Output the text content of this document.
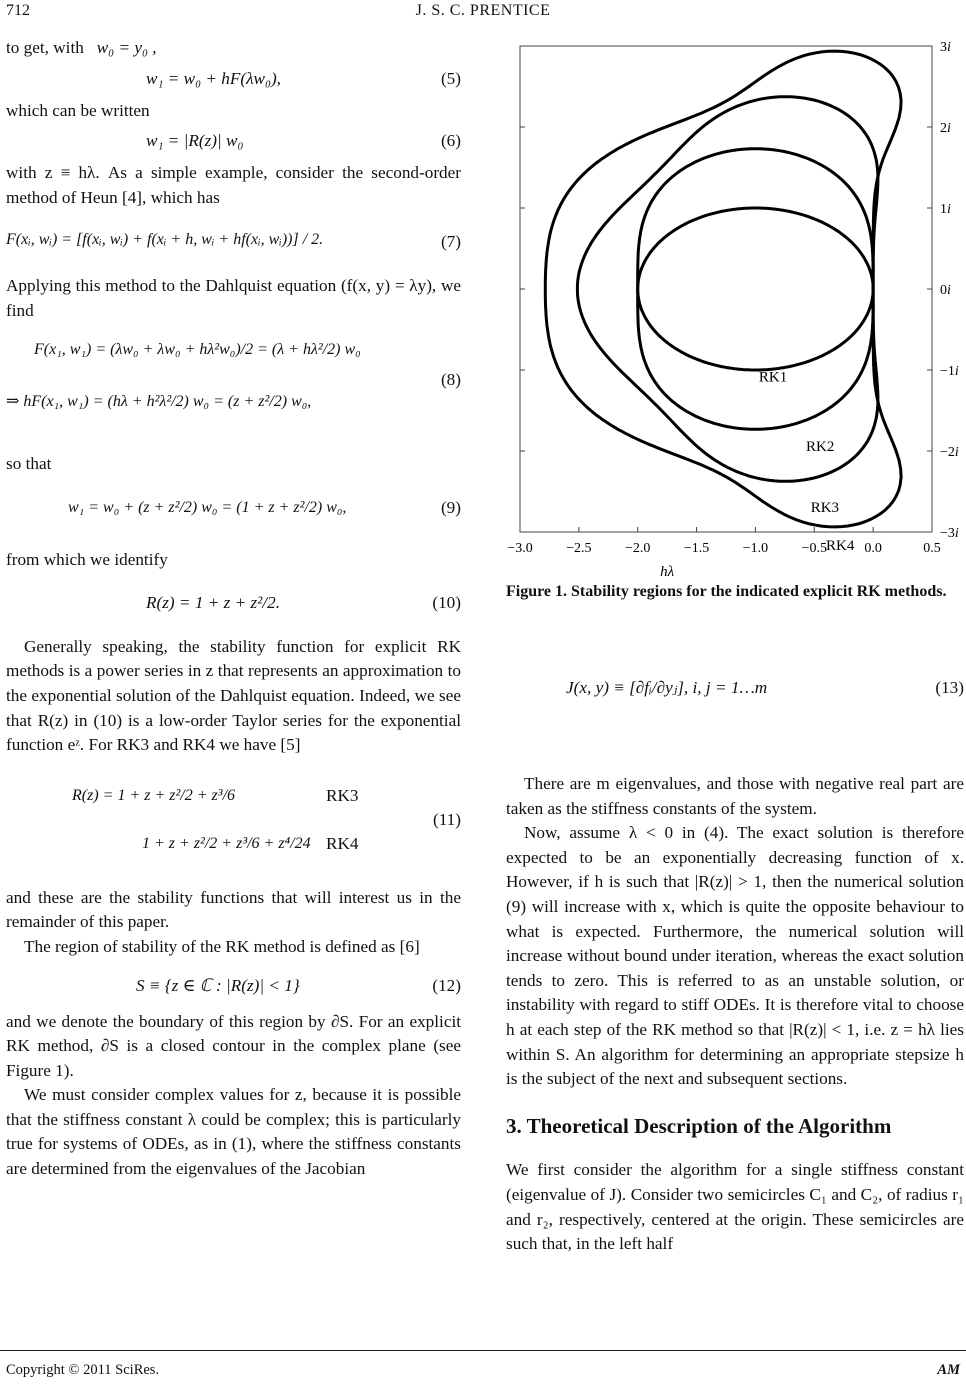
712	J. S. C. PRENTICE

to get, with w₀ = y₀ ,

w₁ = w₀ + hF(λw₀),	(5)

which can be written

w₁ = |R(z)| w₀	(6)

with z ≡ hλ. As a simple example, consider the second-order method of Heun [4], which has

F(xᵢ, wᵢ) = [f(xᵢ, wᵢ) + f(xᵢ + h, wᵢ + hf(xᵢ, wᵢ))] / 2.	(7)

Applying this method to the Dahlquist equation (f(x, y) = λy), we find

F(x₁, w₁) = (λw₀ + λw₀ + hλ²w₀)/2 = (λ + hλ²/2) w₀
⇒ hF(x₁, w₁) = (hλ + h²λ²/2) w₀ = (z + z²/2) w₀,
(8)

so that

w₁ = w₀ + (z + z²/2) w₀ = (1 + z + z²/2) w₀,	(9)

from which we identify

R(z) = 1 + z + z²/2.	(10)

Generally speaking, the stability function for explicit RK methods is a power series in z that represents an approximation to the exponential solution of the Dahlquist equation. Indeed, we see that R(z) in (10) is a low-order Taylor series for the exponential function eᶻ. For RK3 and RK4 we have [5]

R(z) = 1 + z + z²/2 + z³/6	RK3
1 + z + z²/2 + z³/6 + z⁴/24 RK4
(11)

and these are the stability functions that will interest us in the remainder of this paper.

The region of stability of the RK method is defined as [6]

S ≡ {z ∈ ℂ : |R(z)| < 1}	(12)

and we denote the boundary of this region by ∂S. For an explicit RK method, ∂S is a closed contour in the complex plane (see Figure 1).

We must consider complex values for z, because it is possible that the stiffness constant λ could be complex; this is particularly true for systems of ODEs, as in (1), where the stiffness constants are determined from the eigenvalues of the Jacobian

−3.0 −2.5 −2.0 −1.5 −1.0 −0.5	0.0	0.5
3i
2i
1i
0i
−1i
−2i
−3i
hλ
RK1
RK2
RK3
RK4
Figure 1. Stability regions for the indicated explicit RK methods.
J(x, y) ≡ [∂fᵢ/∂yⱼ], i, j = 1…m	(13)

There are m eigenvalues, and those with negative real part are taken as the stiffness constants of the system.

Now, assume λ < 0 in (4). The exact solution is therefore expected to be an exponentially decreasing function of x. However, if h is such that |R(z)| > 1, then the numerical solution (9) will increase with x, which is quite the opposite behaviour to what is expected. Furthermore, the numerical solution will increase without bound under iteration, whereas the exact solution tends to zero. This is referred to as an unstable solution, or instability with regard to stiff ODEs. It is therefore vital to choose h at each step of the RK method so that |R(z)| < 1, i.e. z = hλ lies within S. An algorithm for determining an appropriate stepsize h is the subject of the next and subsequent sections.

3. Theoretical Description of the Algorithm

We first consider the algorithm for a single stiffness constant (eigenvalue of J). Consider two semicircles C₁ and C₂, of radius r₁ and r₂, respectively, centered at the origin. These semicircles are such that, in the left half

Copyright © 2011 SciRes.	AM
